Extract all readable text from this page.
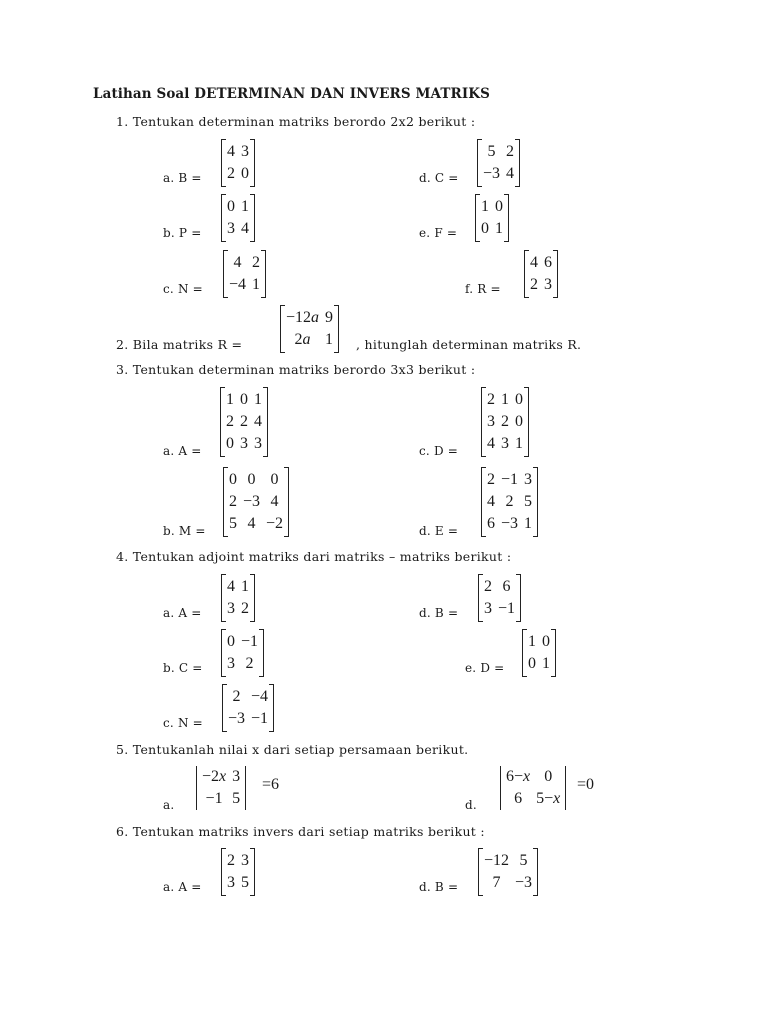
Latihan Soal DETERMINAN DAN INVERS MATRIKS
1. Tentukan determinan matriks berordo 2x2 berikut :
a. B =
4	3
2	0	d. C =
5	2
−3	4
b. P =
0	1
3	4	e. F =
1	0
0	1
c. N =
4	2
−4	1	f. R =
4	6
2	3
2. Bila matriks R =
−12a	9
2a	1 , hitunglah determinan matriks R.
3. Tentukan determinan matriks berordo 3x3 berikut :
a. A =
1	0	1
2	2	4
0	3	3	c. D =
2	1	0
3	2	0
4	3	1
b. M =
0	0	0
2	−3	4
5	4	−2	d. E =
2	−1	3
4	2	5
6	−3	1
4. Tentukan adjoint matriks dari matriks – matriks berikut :
a. A =
4	1
3	2	d. B =
2	6
3	−1
b. C =
0	−1
3	2	e. D =
1	0
0	1
c. N =
2	−4
−3	−1
5. Tentukanlah nilai x dari setiap persamaan berikut.
a.
−2x	3
−1	5
=6
d.
6−x	0
6	5−x
=0
6. Tentukan matriks invers dari setiap matriks berikut :
a. A =
2	3
3	5	d. B =
−12	5
7	−3
